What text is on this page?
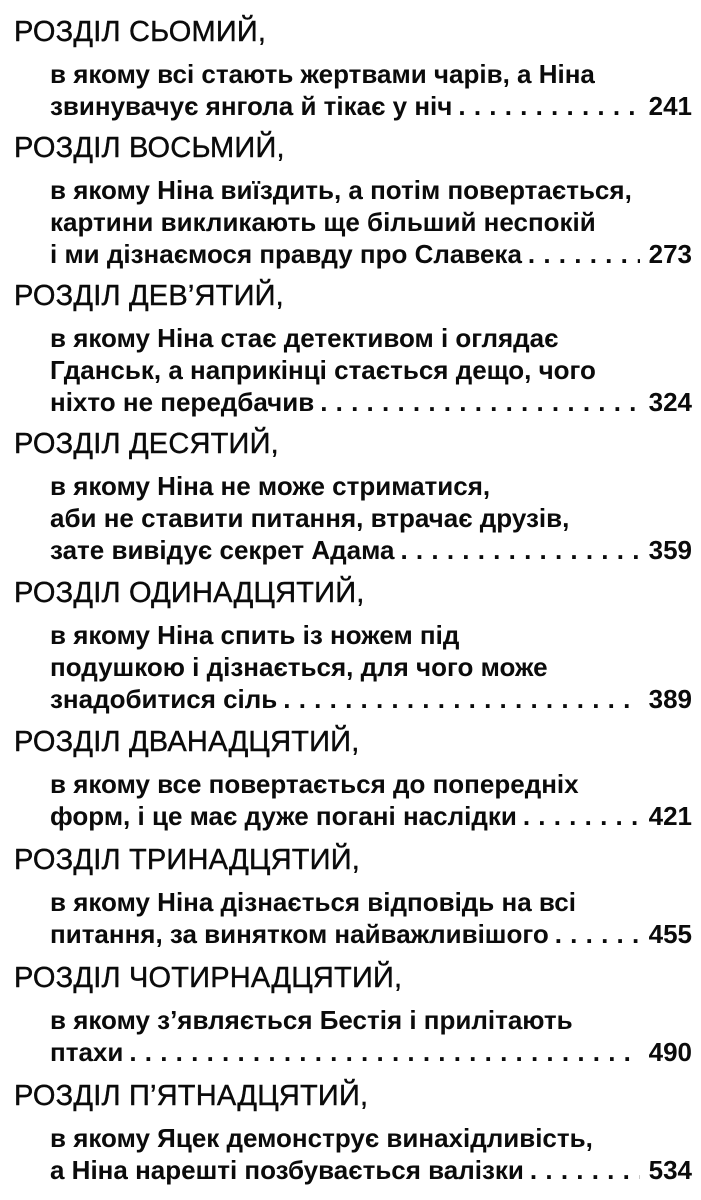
РОЗДІЛ СЬОМИЙ,
в якому всі стають жертвами чарів, а Ніна
звинувачує янгола й тікає у ніч . . .	241
РОЗДІЛ ВОСЬМИЙ,
в якому Ніна виїздить, а потім повертається,
картини викликають ще більший неспокій
і ми дізнаємося правду про Славека . . .	273
РОЗДІЛ ДЕВ’ЯТИЙ,
в якому Ніна стає детективом і оглядає
Гданськ, а наприкінці стається дещо, чого
ніхто не передбачив . . .	324
РОЗДІЛ ДЕСЯТИЙ,
в якому Ніна не може стриматися,
аби не ставити питання, втрачає друзів,
зате вивідує секрет Адама . . .	359
РОЗДІЛ ОДИНАДЦЯТИЙ,
в якому Ніна спить із ножем під
подушкою і дізнається, для чого може
знадобитися сіль . . .	389
РОЗДІЛ ДВАНАДЦЯТИЙ,
в якому все повертається до попередніх
форм, і це має дуже погані наслідки . . .	421
РОЗДІЛ ТРИНАДЦЯТИЙ,
в якому Ніна дізнається відповідь на всі
питання, за винятком найважливішого . . .	455
РОЗДІЛ ЧОТИРНАДЦЯТИЙ,
в якому з’являється Бестія і прилітають
птахи . . .	490
РОЗДІЛ П’ЯТНАДЦЯТИЙ,
в якому Яцек демонструє винахідливість,
а Ніна нарешті позбувається валізки . . .	534
